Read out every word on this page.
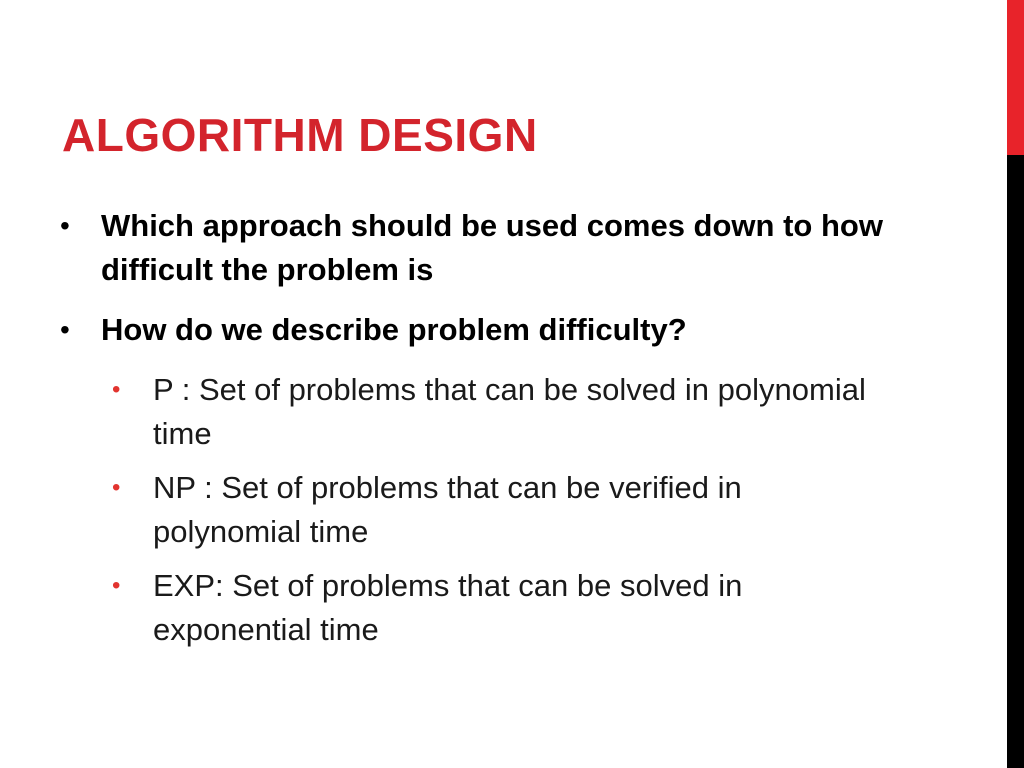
ALGORITHM DESIGN
• Which approach should be used comes down to how difficult the problem is
• How do we describe problem difficulty?
• P : Set of problems that can be solved in polynomial time
• NP : Set of problems that can be verified in polynomial time
• EXP: Set of problems that can be solved in exponential time
